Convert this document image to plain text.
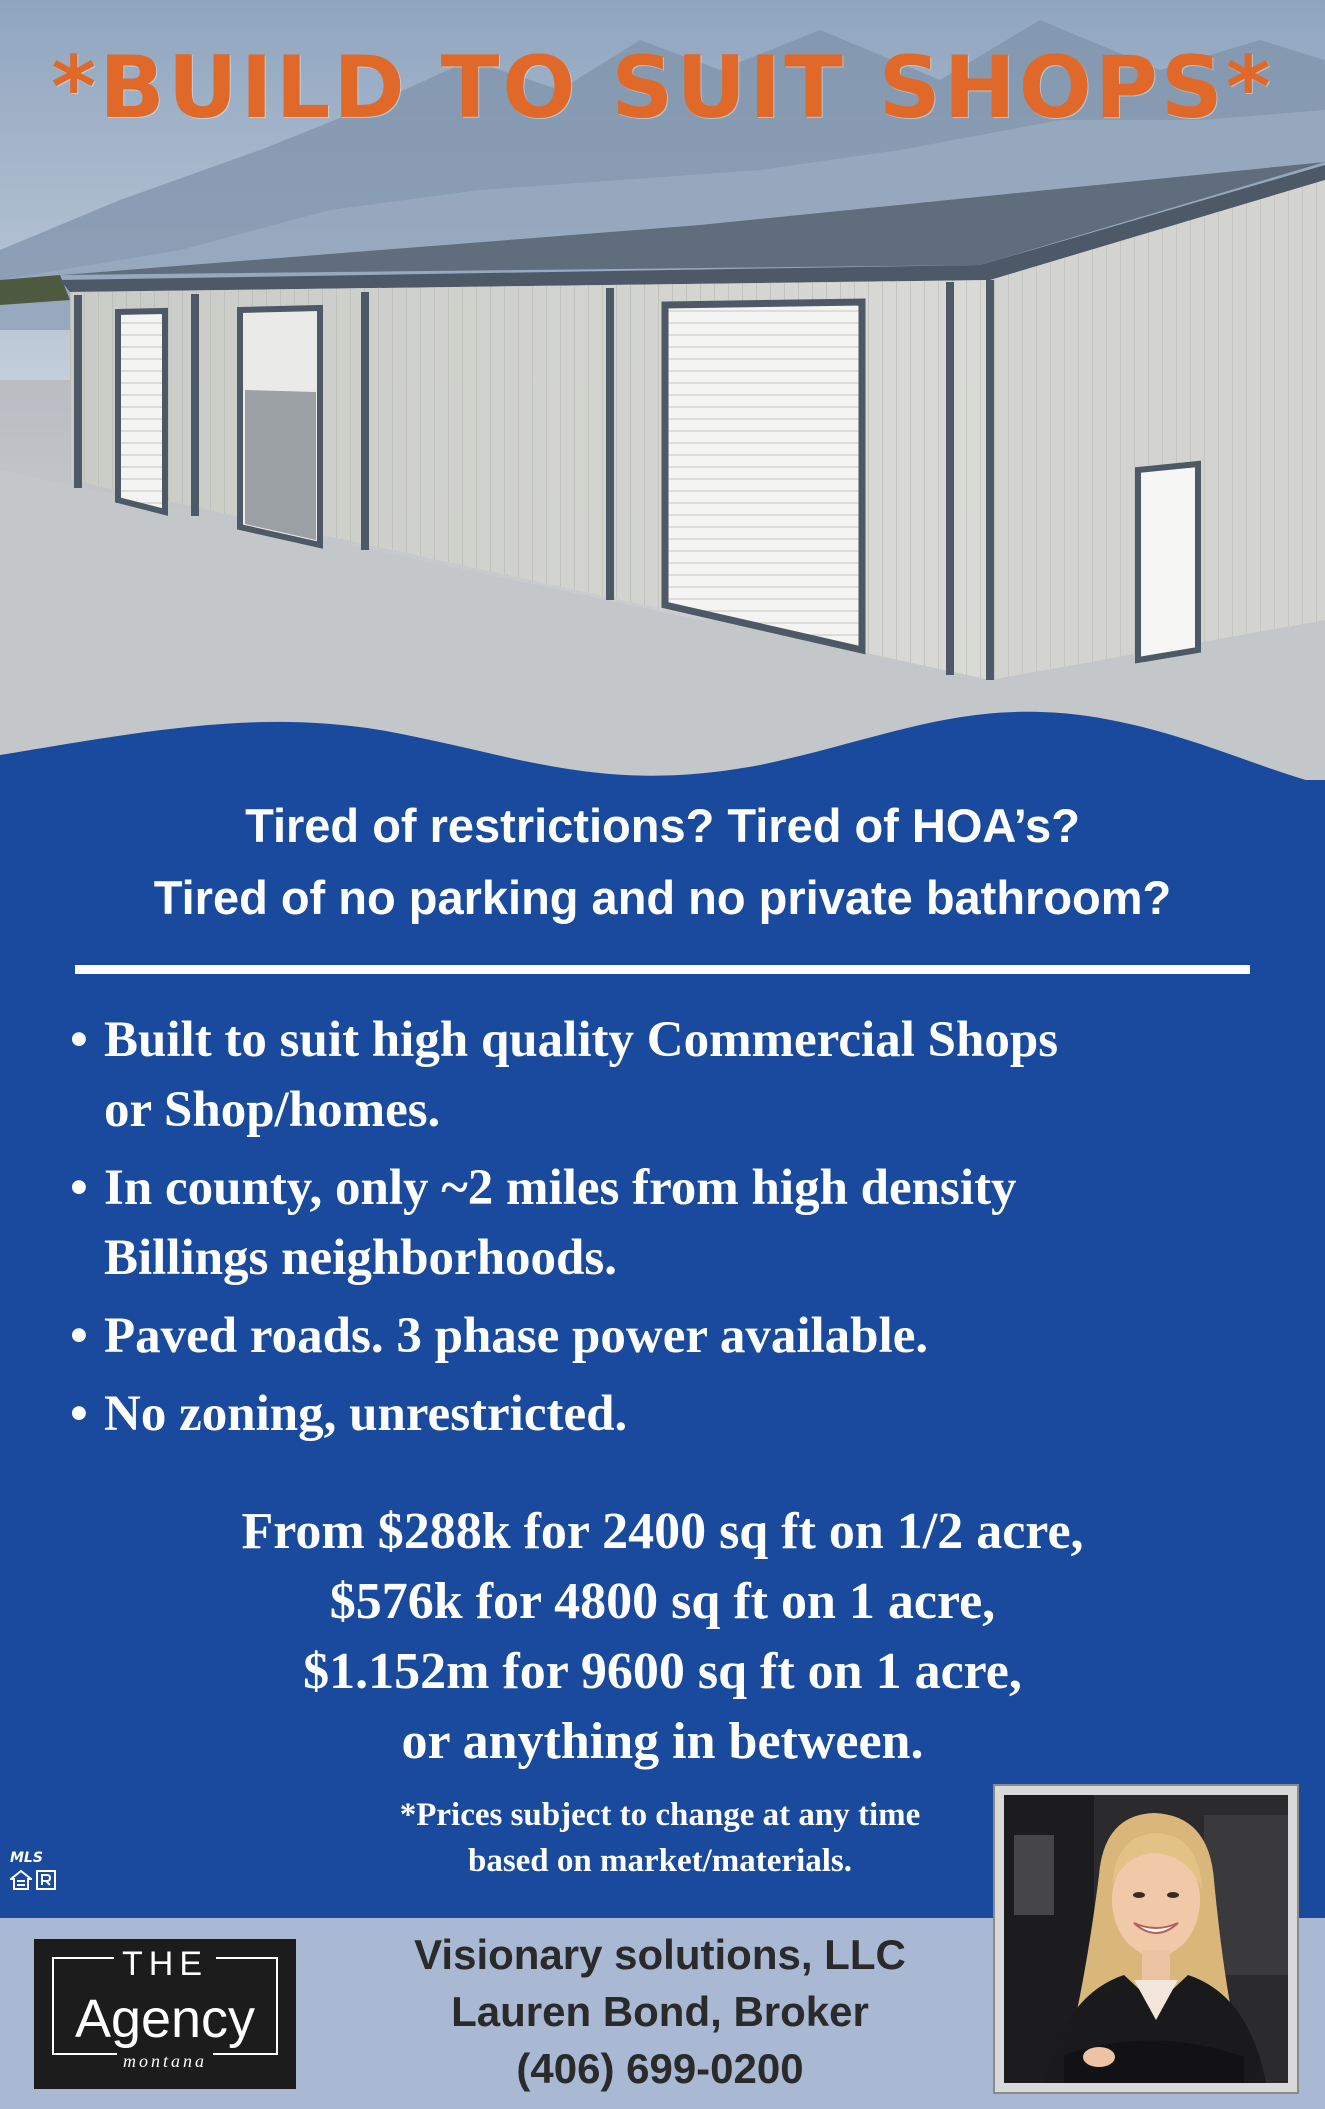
*BUILD TO SUIT SHOPS*
Tired of restrictions? Tired of HOA’s?
Tired of no parking and no private bathroom?
• Built to suit high quality Commercial Shops
or Shop/homes.
• In county, only ~2 miles from high density
Billings neighborhoods.
• Paved roads. 3 phase power available.
• No zoning, unrestricted.
From $288k for 2400 sq ft on 1/2 acre,
$576k for 4800 sq ft on 1 acre,
$1.152m for 9600 sq ft on 1 acre,
or anything in between.
*Prices subject to change at any time
based on market/materials.
MLS
THE
Agency
montana
Visionary solutions, LLC
Lauren Bond, Broker
(406) 699-0200
